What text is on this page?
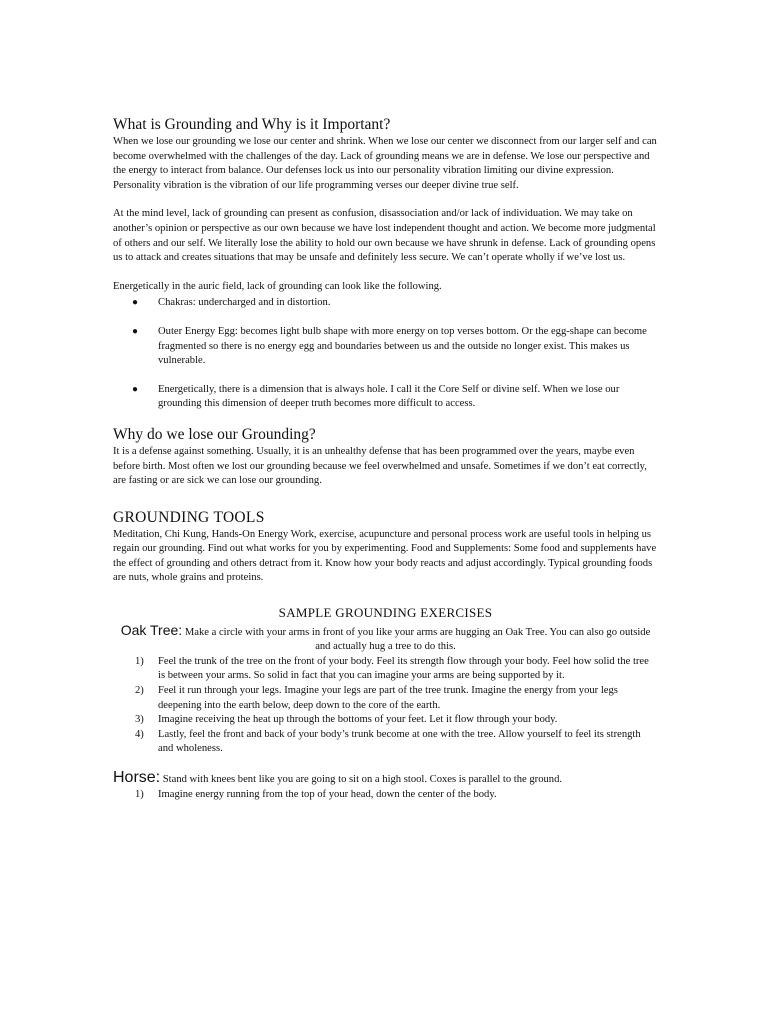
What is Grounding and Why is it Important?

When we lose our grounding we lose our center and shrink. When we lose our center we disconnect from our larger self and can become overwhelmed with the challenges of the day. Lack of grounding means we are in defense. We lose our perspective and the energy to interact from balance. Our defenses lock us into our personality vibration limiting our divine expression. Personality vibration is the vibration of our life programming verses our deeper divine true self.

At the mind level, lack of grounding can present as confusion, disassociation and/or lack of individuation. We may take on another’s opinion or perspective as our own because we have lost independent thought and action. We become more judgmental of others and our self. We literally lose the ability to hold our own because we have shrunk in defense. Lack of grounding opens us to attack and creates situations that may be unsafe and definitely less secure. We can’t operate wholly if we’ve lost us.

Energetically in the auric field, lack of grounding can look like the following.

● Chakras: undercharged and in distortion.
● Outer Energy Egg: becomes light bulb shape with more energy on top verses bottom. Or the egg-shape can become fragmented so there is no energy egg and boundaries between us and the outside no longer exist. This makes us vulnerable.
● Energetically, there is a dimension that is always hole. I call it the Core Self or divine self. When we lose our grounding this dimension of deeper truth becomes more difficult to access.
Why do we lose our Grounding?

It is a defense against something. Usually, it is an unhealthy defense that has been programmed over the years, maybe even before birth. Most often we lost our grounding because we feel overwhelmed and unsafe. Sometimes if we don’t eat correctly, are fasting or are sick we can lose our grounding.

GROUNDING TOOLS

Meditation, Chi Kung, Hands-On Energy Work, exercise, acupuncture and personal process work are useful tools in helping us regain our grounding. Find out what works for you by experimenting. Food and Supplements: Some food and supplements have the effect of grounding and others detract from it. Know how your body reacts and adjust accordingly. Typical grounding foods are nuts, whole grains and proteins.

SAMPLE GROUNDING EXERCISES

Oak Tree: Make a circle with your arms in front of you like your arms are hugging an Oak Tree. You can also go outside and actually hug a tree to do this.

1) Feel the trunk of the tree on the front of your body. Feel its strength flow through your body. Feel how solid the tree is between your arms. So solid in fact that you can imagine your arms are being supported by it.
2) Feel it run through your legs. Imagine your legs are part of the tree trunk. Imagine the energy from your legs deepening into the earth below, deep down to the core of the earth.
3) Imagine receiving the heat up through the bottoms of your feet. Let it flow through your body.
4) Lastly, feel the front and back of your body’s trunk become at one with the tree. Allow yourself to feel its strength and wholeness.

Horse: Stand with knees bent like you are going to sit on a high stool. Coxes is parallel to the ground.

1) Imagine energy running from the top of your head, down the center of the body.
